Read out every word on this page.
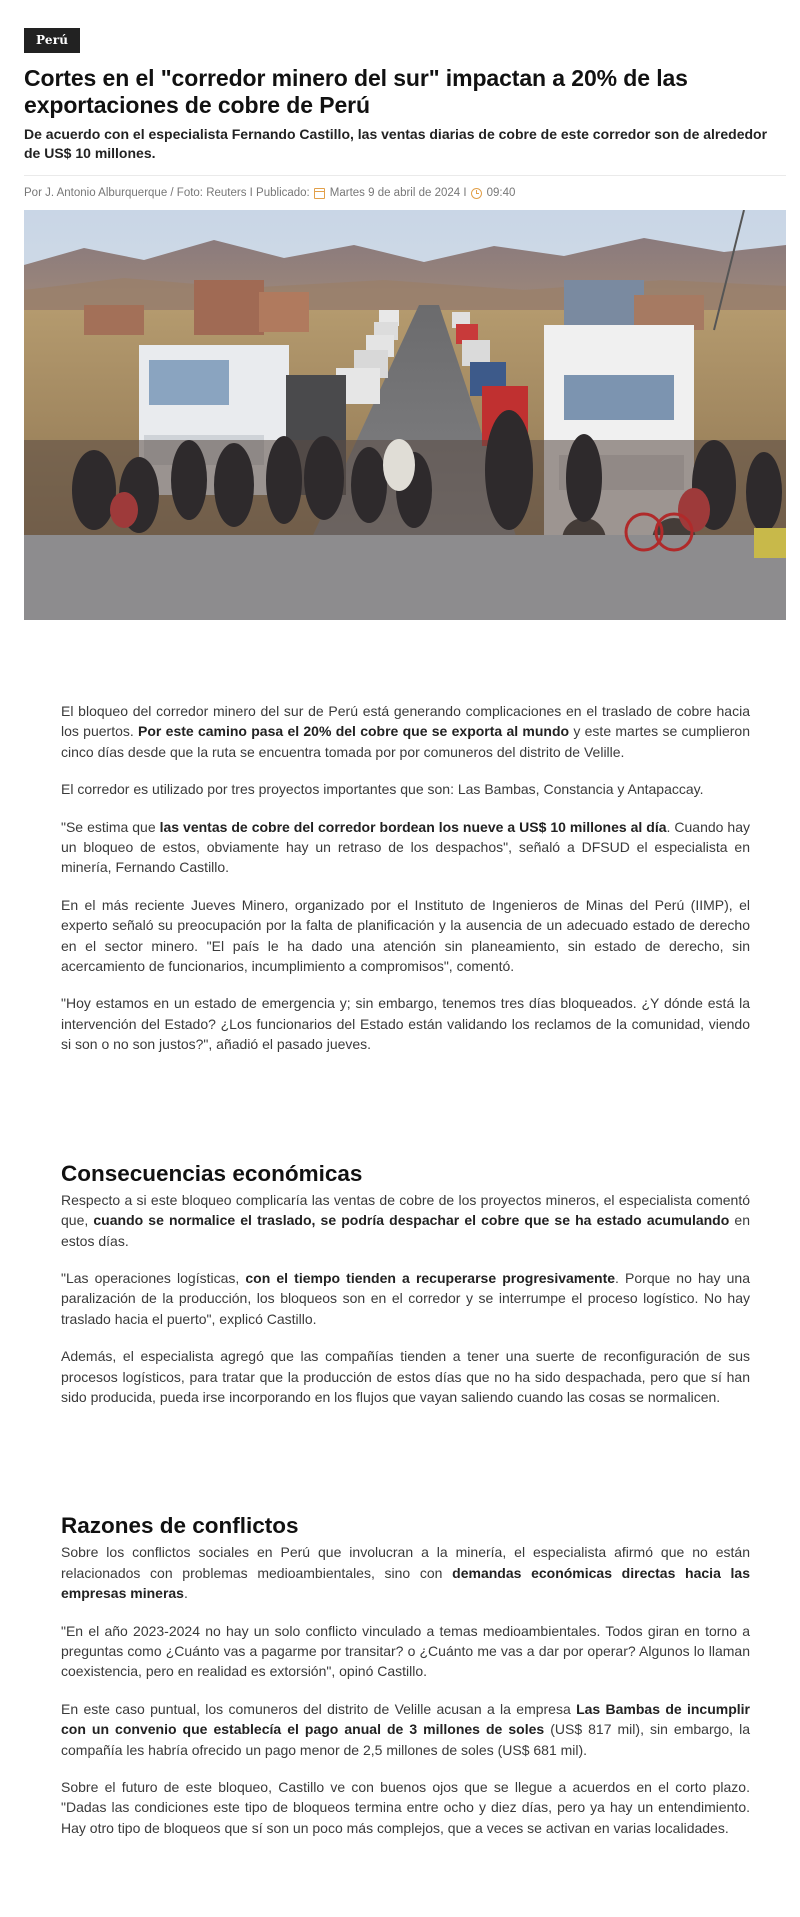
Perú
Cortes en el "corredor minero del sur" impactan a 20% de las exportaciones de cobre de Perú

De acuerdo con el especialista Fernando Castillo, las ventas diarias de cobre de este corredor son de alrededor de US$ 10 millones.

Por J. Antonio Alburquerque / Foto: Reuters I Publicado: Martes 9 de abril de 2024 I 09:40

El bloqueo del corredor minero del sur de Perú está generando complicaciones en el traslado de cobre hacia los puertos. Por este camino pasa el 20% del cobre que se exporta al mundo y este martes se cumplieron cinco días desde que la ruta se encuentra tomada por por comuneros del distrito de Velille.

El corredor es utilizado por tres proyectos importantes que son: Las Bambas, Constancia y Antapaccay.

"Se estima que las ventas de cobre del corredor bordean los nueve a US$ 10 millones al día. Cuando hay un bloqueo de estos, obviamente hay un retraso de los despachos", señaló a DFSUD el especialista en minería, Fernando Castillo.

En el más reciente Jueves Minero, organizado por el Instituto de Ingenieros de Minas del Perú (IIMP), el experto señaló su preocupación por la falta de planificación y la ausencia de un adecuado estado de derecho en el sector minero. "El país le ha dado una atención sin planeamiento, sin estado de derecho, sin acercamiento de funcionarios, incumplimiento a compromisos", comentó.

"Hoy estamos en un estado de emergencia y; sin embargo, tenemos tres días bloqueados. ¿Y dónde está la intervención del Estado? ¿Los funcionarios del Estado están validando los reclamos de la comunidad, viendo si son o no son justos?", añadió el pasado jueves.

Consecuencias económicas

Respecto a si este bloqueo complicaría las ventas de cobre de los proyectos mineros, el especialista comentó que, cuando se normalice el traslado, se podría despachar el cobre que se ha estado acumulando en estos días.

"Las operaciones logísticas, con el tiempo tienden a recuperarse progresivamente. Porque no hay una paralización de la producción, los bloqueos son en el corredor y se interrumpe el proceso logístico. No hay traslado hacia el puerto", explicó Castillo.

Además, el especialista agregó que las compañías tienden a tener una suerte de reconfiguración de sus procesos logísticos, para tratar que la producción de estos días que no ha sido despachada, pero que sí han sido producida, pueda irse incorporando en los flujos que vayan saliendo cuando las cosas se normalicen.

Razones de conflictos

Sobre los conflictos sociales en Perú que involucran a la minería, el especialista afirmó que no están relacionados con problemas medioambientales, sino con demandas económicas directas hacia las empresas mineras.

"En el año 2023-2024 no hay un solo conflicto vinculado a temas medioambientales. Todos giran en torno a preguntas como ¿Cuánto vas a pagarme por transitar? o ¿Cuánto me vas a dar por operar? Algunos lo llaman coexistencia, pero en realidad es extorsión", opinó Castillo.

En este caso puntual, los comuneros del distrito de Velille acusan a la empresa Las Bambas de incumplir con un convenio que establecía el pago anual de 3 millones de soles (US$ 817 mil), sin embargo, la compañía les habría ofrecido un pago menor de 2,5 millones de soles (US$ 681 mil).

Sobre el futuro de este bloqueo, Castillo ve con buenos ojos que se llegue a acuerdos en el corto plazo. "Dadas las condiciones este tipo de bloqueos termina entre ocho y diez días, pero ya hay un entendimiento. Hay otro tipo de bloqueos que sí son un poco más complejos, que a veces se activan en varias localidades.
